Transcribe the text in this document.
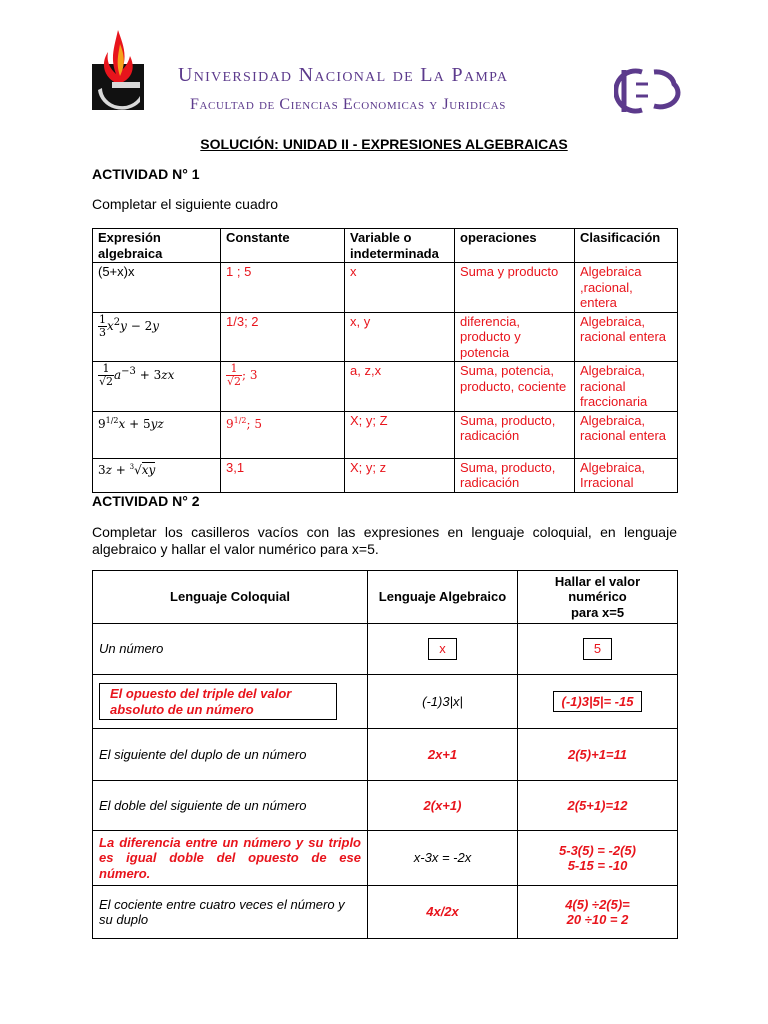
Universidad Nacional de La Pampa
Facultad de Ciencias Economicas y Juridicas
SOLUCIÓN: UNIDAD II - EXPRESIONES ALGEBRAICAS
ACTIVIDAD N° 1
Completar el siguiente cuadro
Expresión algebraica	Constante	Variable o indeterminada	operaciones	Clasificación
(5+x)x	1 ; 5	x	Suma y producto	Algebraica ,racional, entera

$\frac{1}{3} x^2y - 2y$	1/3; 2	x, y	diferencia, producto y potencia	Algebraica, racional entera

$\frac{1}{√2} a^{-3} + 3zx$	$\frac{1}{√2}$ ; 3	a, z,x	Suma, potencia, producto, cociente	Algebraica, racional fraccionaria
$9^{1/2}x + 5yz$	$9^{1/2}$; 5	X; y; Z	Suma, producto, radicación	Algebraica, racional entera
3z + $^3$√xy	3,1	X; y; z	Suma, producto, radicación	Algebraica, Irracional
ACTIVIDAD N° 2
Completar los casilleros vacíos con las expresiones en lenguaje coloquial, en lenguaje algebraico y hallar el valor numérico para x=5.
Lenguaje Coloquial	Lenguaje Algebraico	Hallar el valor
numérico
para x=5

Un número	x	5

El opuesto del triple del valor absoluto de un número	(-1)3|x|	(-1)3|5|= -15
El siguiente del duplo de un número	2x+1	2(5)+1=11
El doble del siguiente de un número	2(x+1)	2(5+1)=12
La diferencia entre un número y su triplo es igual doble del opuesto de ese número.	x-3x = -2x	5-3(5) = -2(5)
5-15 = -10

El cociente entre cuatro veces el número y su duplo	4x/2x	4(5) ÷2(5)=
20 ÷10 = 2
